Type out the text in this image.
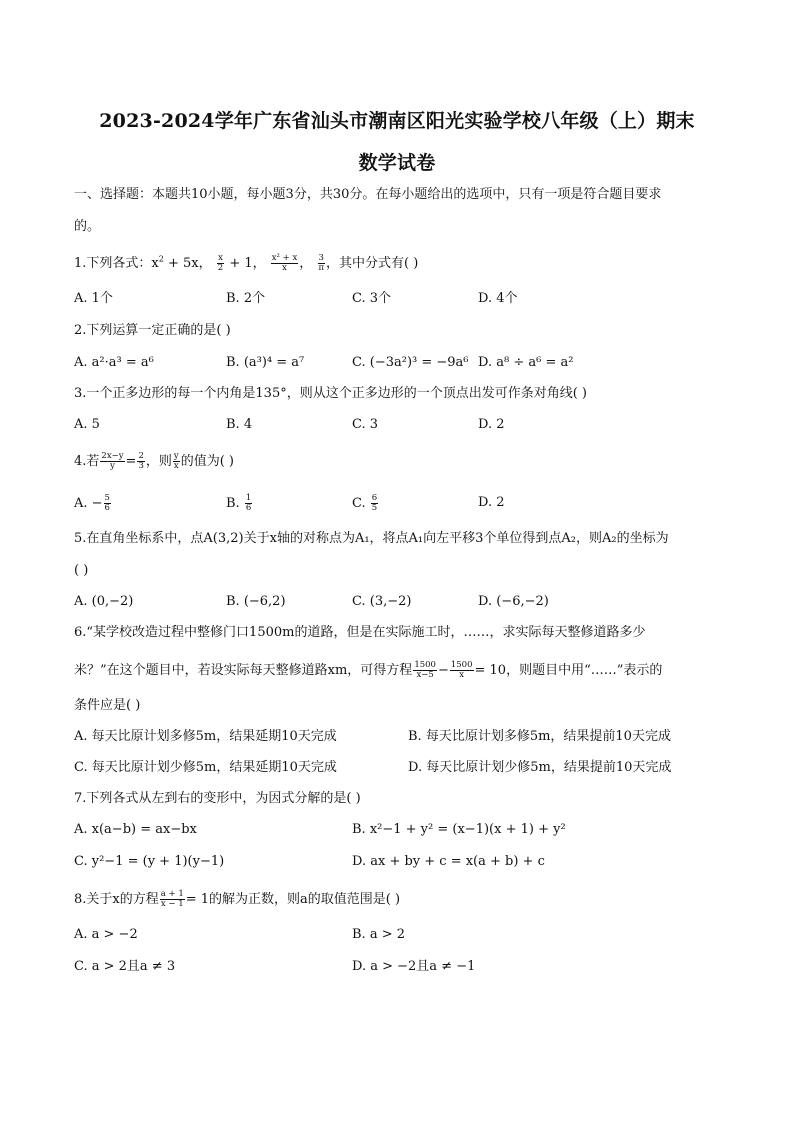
2023-2024学年广东省汕头市潮南区阳光实验学校八年级（上）期末
数学试卷
一、选择题：本题共10小题，每小题3分，共30分。在每小题给出的选项中，只有一项是符合题目要求
的。
1.下列各式：$x^2 + 5x$， $\frac{x}{2} + 1$， $\frac{\text{x² + x}}{x}$ ， $\frac{3}{\pi}$ ，其中分式有( )
A. 1个	B. 2个	C. 3个	D. 4个
2.下列运算一定正确的是( )
A. a²·a³ = a⁶	B. (a³)⁴ = a⁷	C. (−3a²)³ = −9a⁶ D. a⁸ ÷ a⁶ = a²
3.一个正多边形的每一个内角是135°，则从这个正多边形的一个顶点出发可作条对角线( )
A. 5	B. 4	C. 3	D. 2
4.若 $\frac{2x-y}{y} = \frac{2}{3}$ ，则 $\frac{y}{x}$ 的值为( )
A. − $\frac{5}{6}$	B. $\frac{1}{6}$	C. $\frac{6}{5}$	D. 2
5.在直角坐标系中，点A(3,2)关于x轴的对称点为A₁，将点A₁向左平移3个单位得到点A₂，则A₂的坐标为
( )
A. (0,−2)	B. (−6,2)	C. (3,−2)	D. (−6,−2)
6.“某学校改造过程中整修门口1500m的道路，但是在实际施工时，……，求实际每天整修道路多少
米？”在这个题目中，若设实际每天整修道路xm，可得方程 $\frac{1500}{x-5} - \frac{1500}{x} = 10$，则题目中用“……”表示的
条件应是( )
A. 每天比原计划多修5m，结果延期10天完成	B. 每天比原计划多修5m，结果提前10天完成
C. 每天比原计划少修5m，结果延期10天完成	D. 每天比原计划少修5m，结果提前10天完成
7.下列各式从左到右的变形中，为因式分解的是( )
A. x(a−b) = ax−bx	B. x²−1 + y² = (x−1)(x + 1) + y²
C. y²−1 = (y + 1)(y−1)	D. ax + by + c = x(a + b) + c
8.关于x的方程 $\frac{a + 1}{x - 1} = 1$的解为正数，则a的取值范围是( )
A. a > −2	B. a > 2
C. a > 2且a ≠ 3	D. a > −2且a ≠ −1
